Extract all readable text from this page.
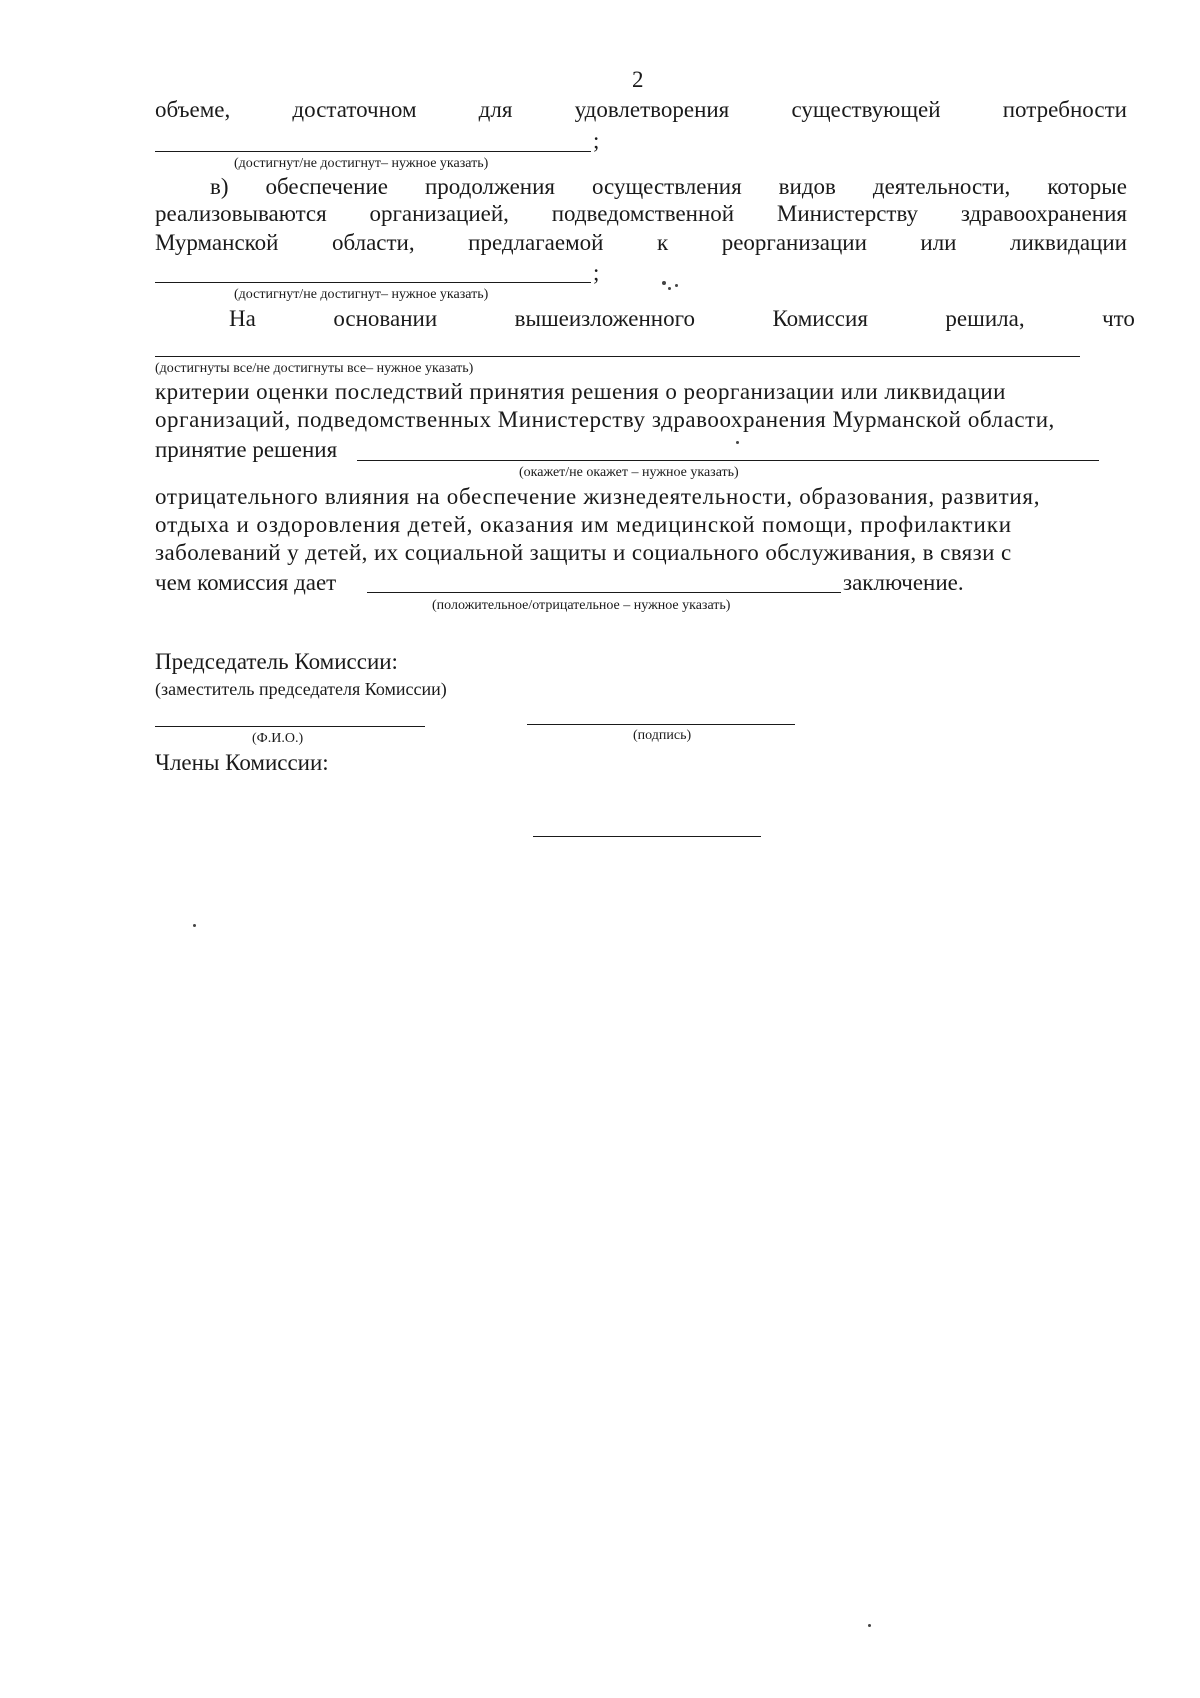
2
объеме,	достаточном	для	удовлетворения	существующей	потребности
;
(достигнут/не достигнут– нужное указать)
в) обеспечение продолжения осуществления видов деятельности, которые
реализовываются организацией, подведомственной Министерству здравоохранения
Мурманской области, предлагаемой к реорганизации или ликвидации
;
(достигнут/не достигнут– нужное указать)
На	основании	вышеизложенного	Комиссия	решила,	что
(достигнуты все/не достигнуты все– нужное указать)
критерии оценки последствий принятия решения о реорганизации или ликвидации
организаций, подведомственных Министерству здравоохранения Мурманской области,
принятие решения
(окажет/не окажет – нужное указать)
отрицательного влияния на обеспечение жизнедеятельности, образования, развития,
отдыха и оздоровления детей, оказания им медицинской помощи, профилактики
заболеваний у детей, их социальной защиты и социального обслуживания, в связи с
чем комиссия дает	заключение.
(положительное/отрицательное – нужное указать)
Председатель Комиссии:
(заместитель председателя Комиссии)
(Ф.И.О.)	(подпись)
Члены Комиссии:
